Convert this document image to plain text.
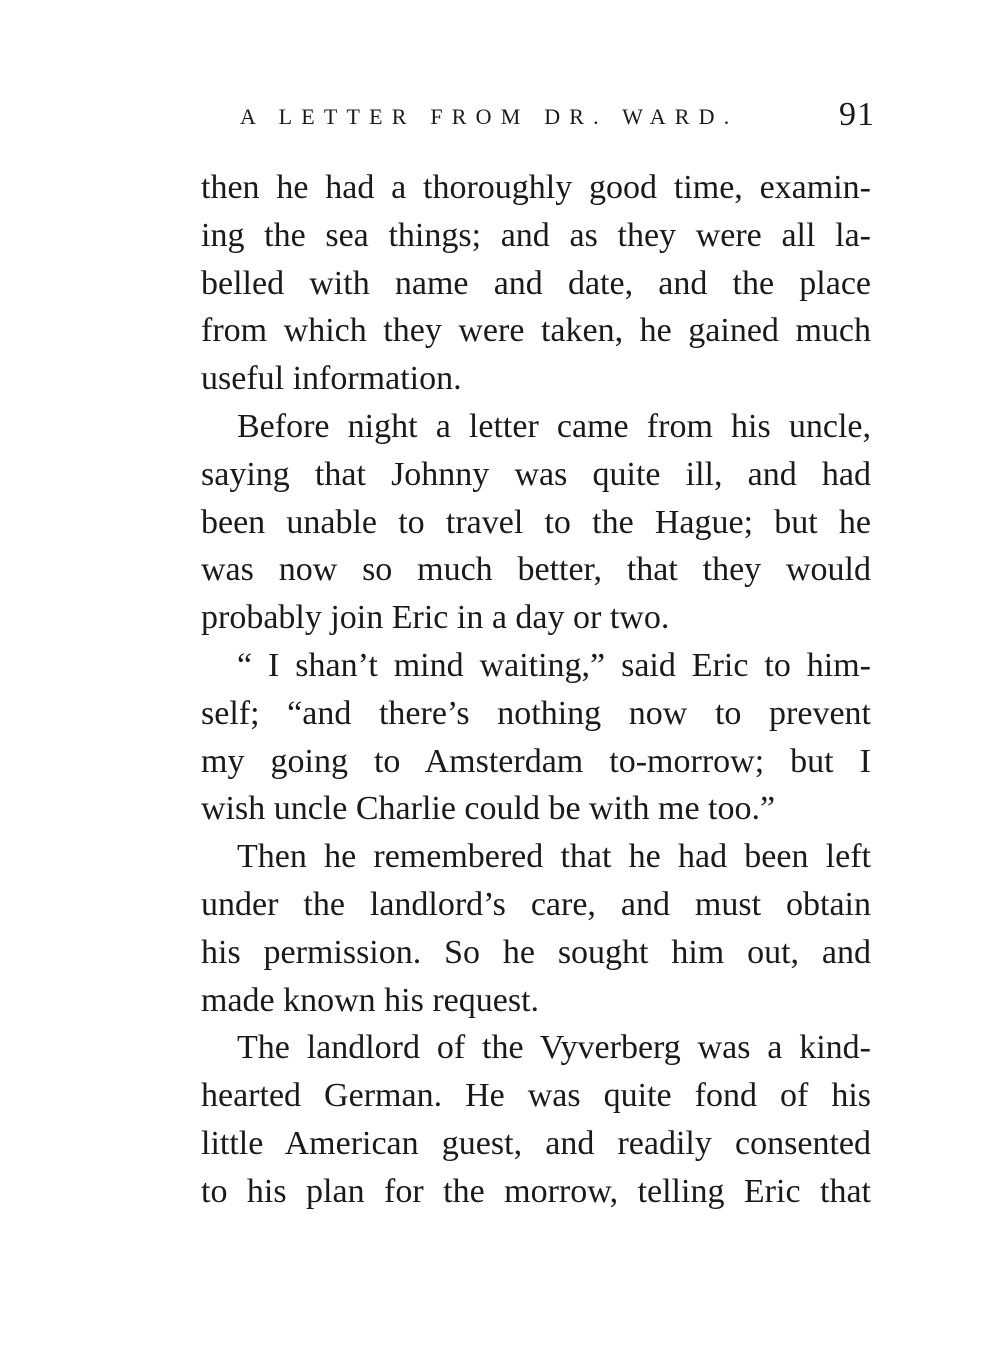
A LETTER FROM DR. WARD.	91
then he had a thoroughly good time, examin-
ing the sea things; and as they were all la-
belled with name and date, and the place
from which they were taken, he gained much
useful information.
Before night a letter came from his uncle,
saying that Johnny was quite ill, and had
been unable to travel to the Hague; but he
was now so much better, that they would
probably join Eric in a day or two.
“ I shan’t mind waiting,” said Eric to him-
self; “and there’s nothing now to prevent
my going to Amsterdam to-morrow; but I
wish uncle Charlie could be with me too.”
Then he remembered that he had been left
under the landlord’s care, and must obtain
his permission. So he sought him out, and
made known his request.
The landlord of the Vyverberg was a kind-
hearted German. He was quite fond of his
little American guest, and readily consented
to his plan for the morrow, telling Eric that
